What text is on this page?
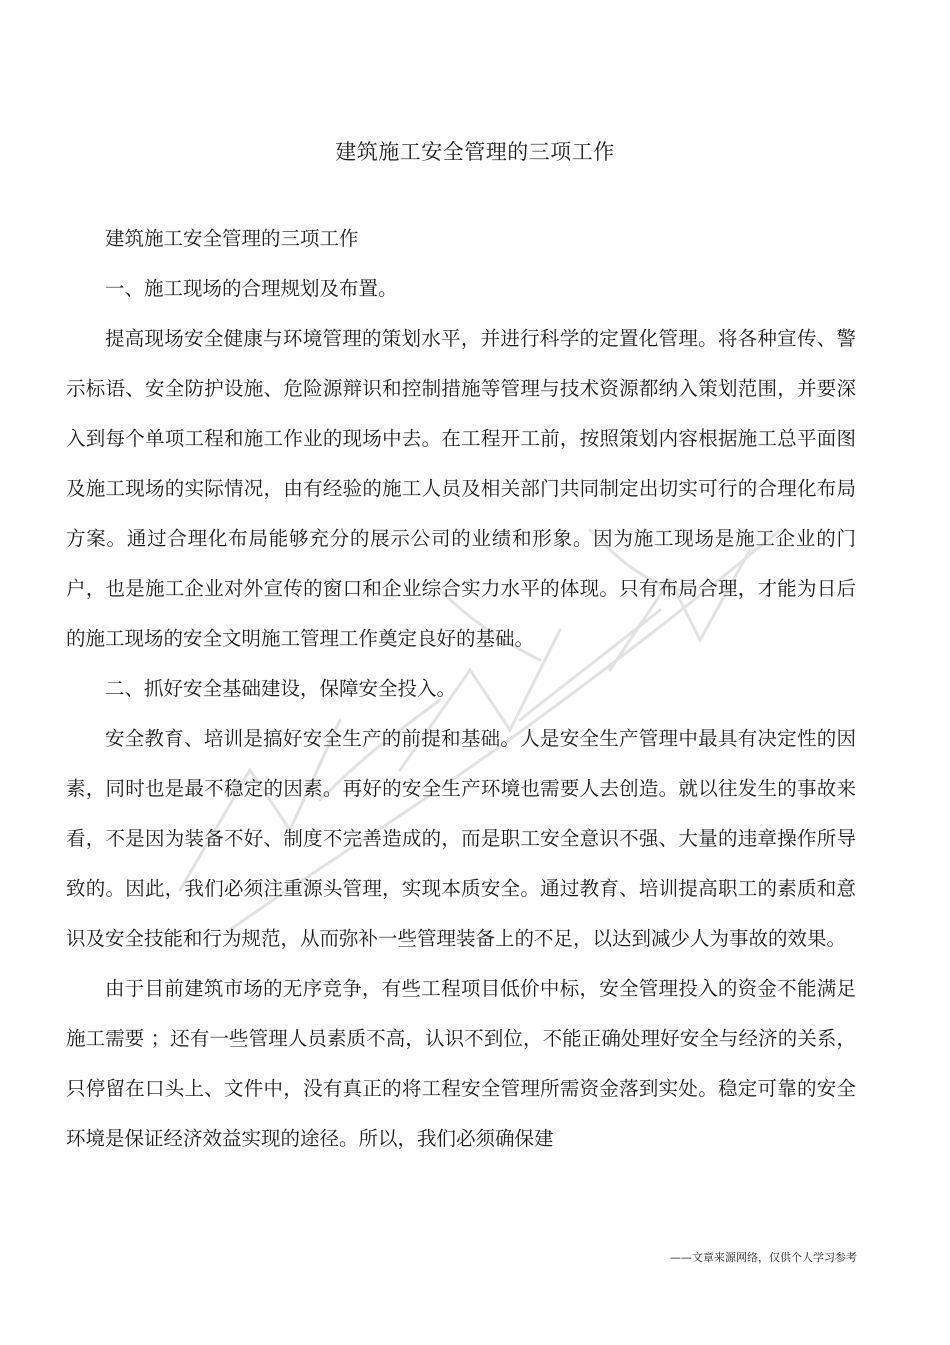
建筑施工安全管理的三项工作

建筑施工安全管理的三项工作

一、施工现场的合理规划及布置。

提高现场安全健康与环境管理的策划水平，并进行科学的定置化管理。将各种宣传、警示标语、安全防护设施、危险源辩识和控制措施等管理与技术资源都纳入策划范围，并要深入到每个单项工程和施工作业的现场中去。在工程开工前，按照策划内容根据施工总平面图及施工现场的实际情况，由有经验的施工人员及相关部门共同制定出切实可行的合理化布局方案。通过合理化布局能够充分的展示公司的业绩和形象。因为施工现场是施工企业的门户，也是施工企业对外宣传的窗口和企业综合实力水平的体现。只有布局合理，才能为日后的施工现场的安全文明施工管理工作奠定良好的基础。

二、抓好安全基础建设，保障安全投入。

安全教育、培训是搞好安全生产的前提和基础。人是安全生产管理中最具有决定性的因素，同时也是最不稳定的因素。再好的安全生产环境也需要人去创造。就以往发生的事故来看，不是因为装备不好、制度不完善造成的，而是职工安全意识不强、大量的违章操作所导致的。因此，我们必须注重源头管理，实现本质安全。通过教育、培训提高职工的素质和意识及安全技能和行为规范，从而弥补一些管理装备上的不足，以达到减少人为事故的效果。

由于目前建筑市场的无序竞争，有些工程项目低价中标，安全管理投入的资金不能满足施工需要 ；还有一些管理人员素质不高，认识不到位，不能正确处理好安全与经济的关系，只停留在口头上、文件中，没有真正的将工程安全管理所需资金落到实处。稳定可靠的安全环境是保证经济效益实现的途径。所以，我们必须确保建

——文章来源网络，仅供个人学习参考
